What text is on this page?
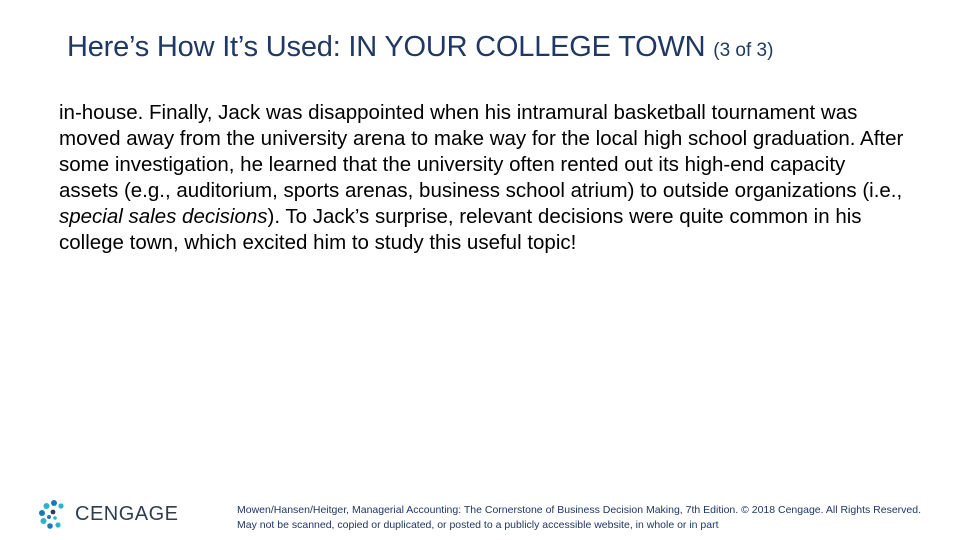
Here’s How It’s Used: IN YOUR COLLEGE TOWN (3 of 3)

in-house. Finally, Jack was disappointed when his intramural basketball tournament was moved away from the university arena to make way for the local high school graduation. After some investigation, he learned that the university often rented out its high-end capacity assets (e.g., auditorium, sports arenas, business school atrium) to outside organizations (i.e., special sales decisions). To Jack’s surprise, relevant decisions were quite common in his college town, which excited him to study this useful topic!

CENGAGE	Mowen/Hansen/Heitger, Managerial Accounting: The Cornerstone of Business Decision Making, 7th Edition. © 2018 Cengage. All Rights Reserved. May not be scanned, copied or duplicated, or posted to a publicly accessible website, in whole or in part
